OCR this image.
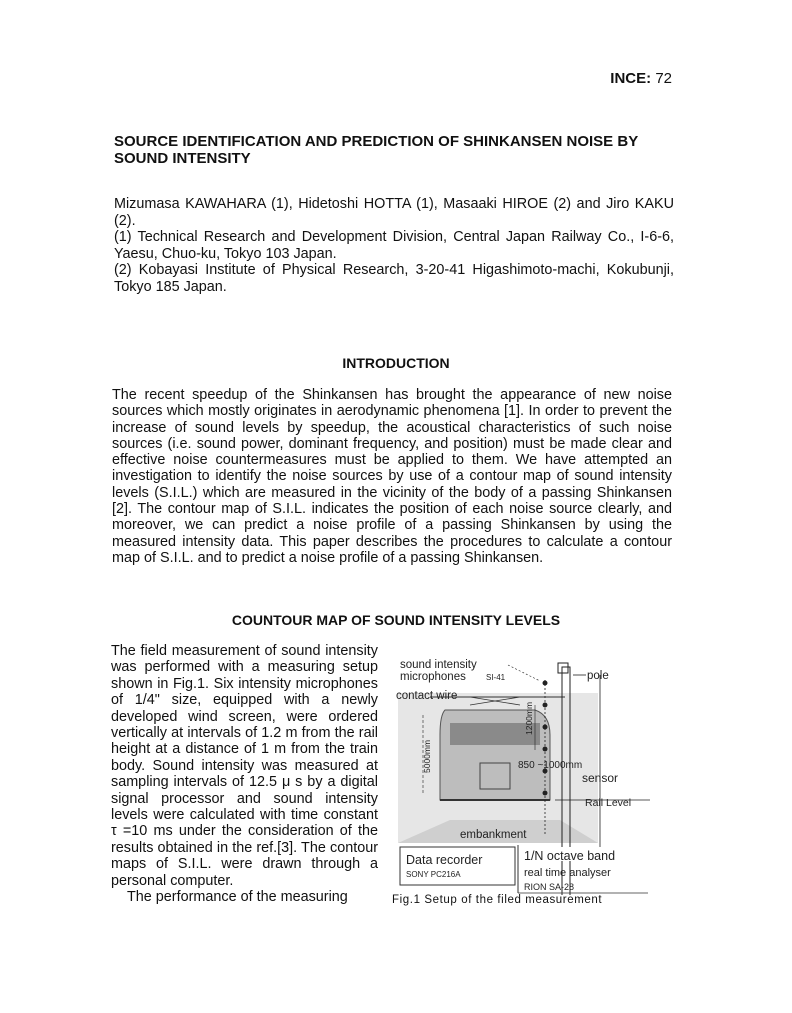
INCE: 72
SOURCE IDENTIFICATION AND PREDICTION OF SHINKANSEN NOISE BY SOUND INTENSITY

Mizumasa KAWAHARA (1), Hidetoshi HOTTA (1), Masaaki HIROE (2) and Jiro KAKU (2).

(1) Technical Research and Development Division, Central Japan Railway Co., I-6-6, Yaesu, Chuo-ku, Tokyo 103 Japan.

(2) Kobayasi Institute of Physical Research, 3-20-41 Higashimoto-machi, Kokubunji, Tokyo 185 Japan.

INTRODUCTION
The recent speedup of the Shinkansen has brought the appearance of new noise sources which mostly originates in aerodynamic phenomena [1]. In order to prevent the increase of sound levels by speedup, the acoustical characteristics of such noise sources (i.e. sound power, dominant frequency, and position) must be made clear and effective noise countermeasures must be applied to them. We have attempted an investigation to identify the noise sources by use of a contour map of sound intensity levels (S.I.L.) which are measured in the vicinity of the body of a passing Shinkansen [2]. The contour map of S.I.L. indicates the position of each noise source clearly, and moreover, we can predict a noise profile of a passing Shinkansen by using the measured intensity data. This paper describes the procedures to calculate a contour map of S.I.L. and to predict a noise profile of a passing Shinkansen.
COUNTOUR MAP OF SOUND INTENSITY LEVELS

The field measurement of sound intensity was performed with a measuring setup shown in Fig.1. Six intensity microphones of 1/4" size, equipped with a newly developed wind screen, were ordered vertically at intervals of 1.2 m from the rail height at a distance of 1 m from the train body. Sound intensity was measured at sampling intervals of 12.5 μ s by a digital signal processor and sound intensity levels were calculated with time constant τ =10 ms under the consideration of the results obtained in the ref.[3]. The contour maps of S.I.L. were drawn through a personal computer.

The performance of the measuring

sound intensity
microphones	SI-41	pole
contact wire
1200mm
5000mm	850 ~1000mm
sensor
Rail Level
embankment
Data recorder
SONY PC216A
1/N octave band
real time analyser
RION SA-28
Fig.1 Setup of the filed measurement
